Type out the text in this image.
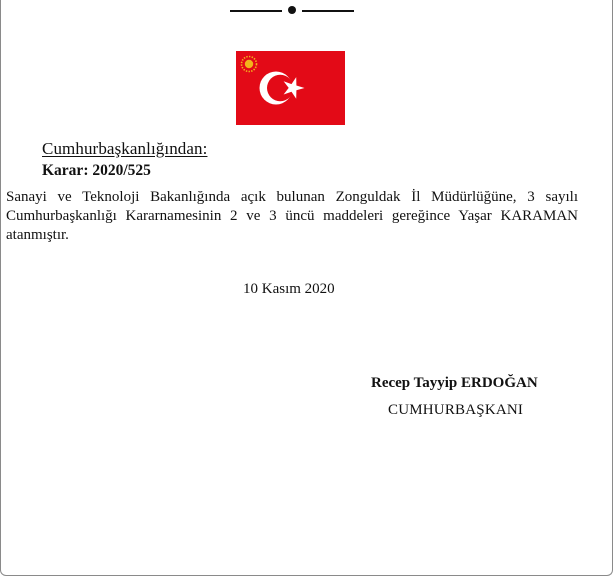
Cumhurbaşkanlığından:
Karar: 2020/525
Sanayi ve Teknoloji Bakanlığında açık bulunan Zonguldak İl Müdürlüğüne, 3 sayılı
Cumhurbaşkanlığı Kararnamesinin 2 ve 3 üncü maddeleri gereğince Yaşar KARAMAN
atanmıştır.
10 Kasım 2020
Recep Tayyip ERDOĞAN
CUMHURBAŞKANI
